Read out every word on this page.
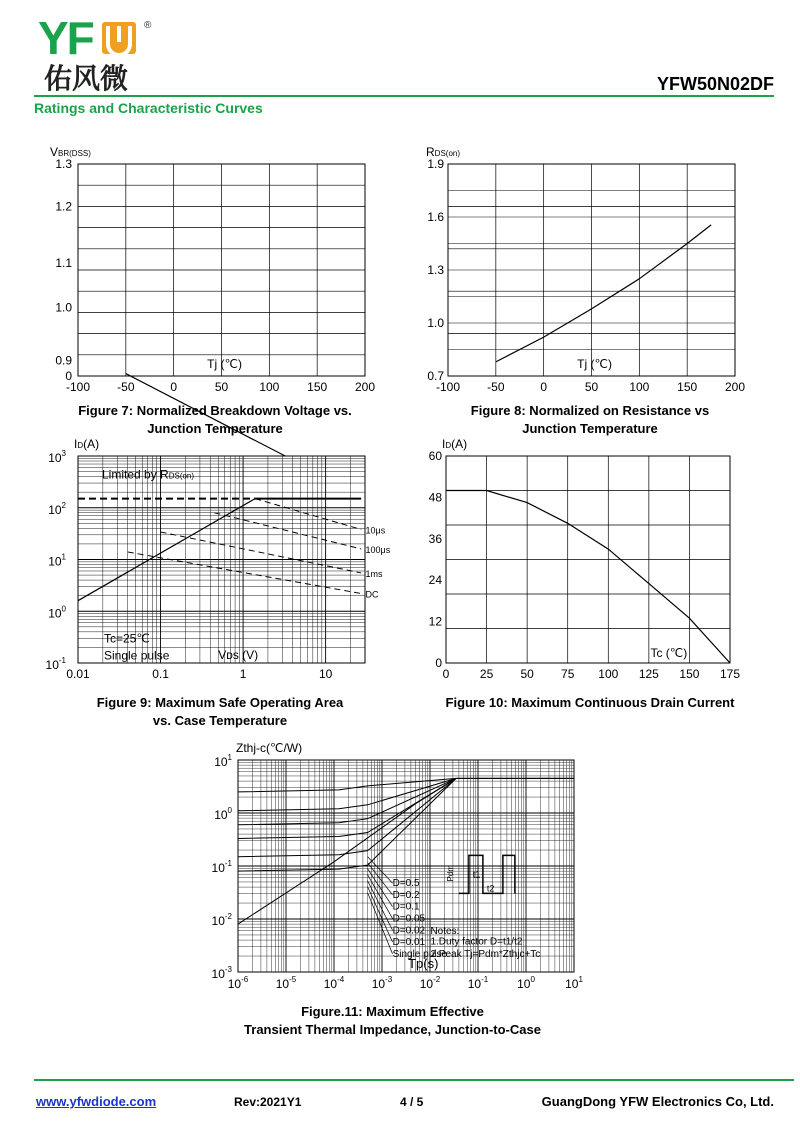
YF	®
佑风微	YFW50N02DF
Ratings and Characteristic Curves
-100 -50	0	50	100 150 200
0
0.9
1.0
1.1
1.2
1.3
VBR(DSS)
Tj (℃)
Figure 7: Normalized Breakdown Voltage vs.
Junction Temperature
-100 -50	0	50	100 150 200
0.7
1.0
1.3
1.6
1.9
RDS(on)
Tj (℃)
Figure 8: Normalized on Resistance vs
Junction Temperature
0.01	0.1	1	10
$10^{-1}$
$10^0$
$10^1$
$10^2$
$10^3$
10μs
100μs
1ms
DC
ID(A)
Limited by RDS(on)
Tc=25℃
Single pulse	Vᴅs (V)
Figure 9: Maximum Safe Operating Area
vs. Case Temperature
0	25 50 75 100 125 150 175
0
12
24
36
48
60
ID(A)
Tc (℃)
Figure 10: Maximum Continuous Drain Current
$10^{-6}$ $10^{-5}$ $10^{-4}$ $10^{-3}$ $10^{-2}$ $10^{-1}$ $10^0$	$10^1$
$10^{-3}$
$10^{-2}$
$10^{-1}$
$10^0$
$10^1$
D=0.5
D=0.2
D=0.1
D=0.05
D=0.02
D=0.01
Single pulse
Notes:
1.Duty factor D=t1/t2
2.Peak Tj=Pdm*Zthjc+Tc
Pdm t1
t2
Zthj-c(℃/W)
Tp(s)
Figure.11: Maximum Effective
Transient Thermal Impedance, Junction-to-Case
www.yfwdiode.com	Rev:2021Y1	4 / 5	GuangDong YFW Electronics Co, Ltd.
